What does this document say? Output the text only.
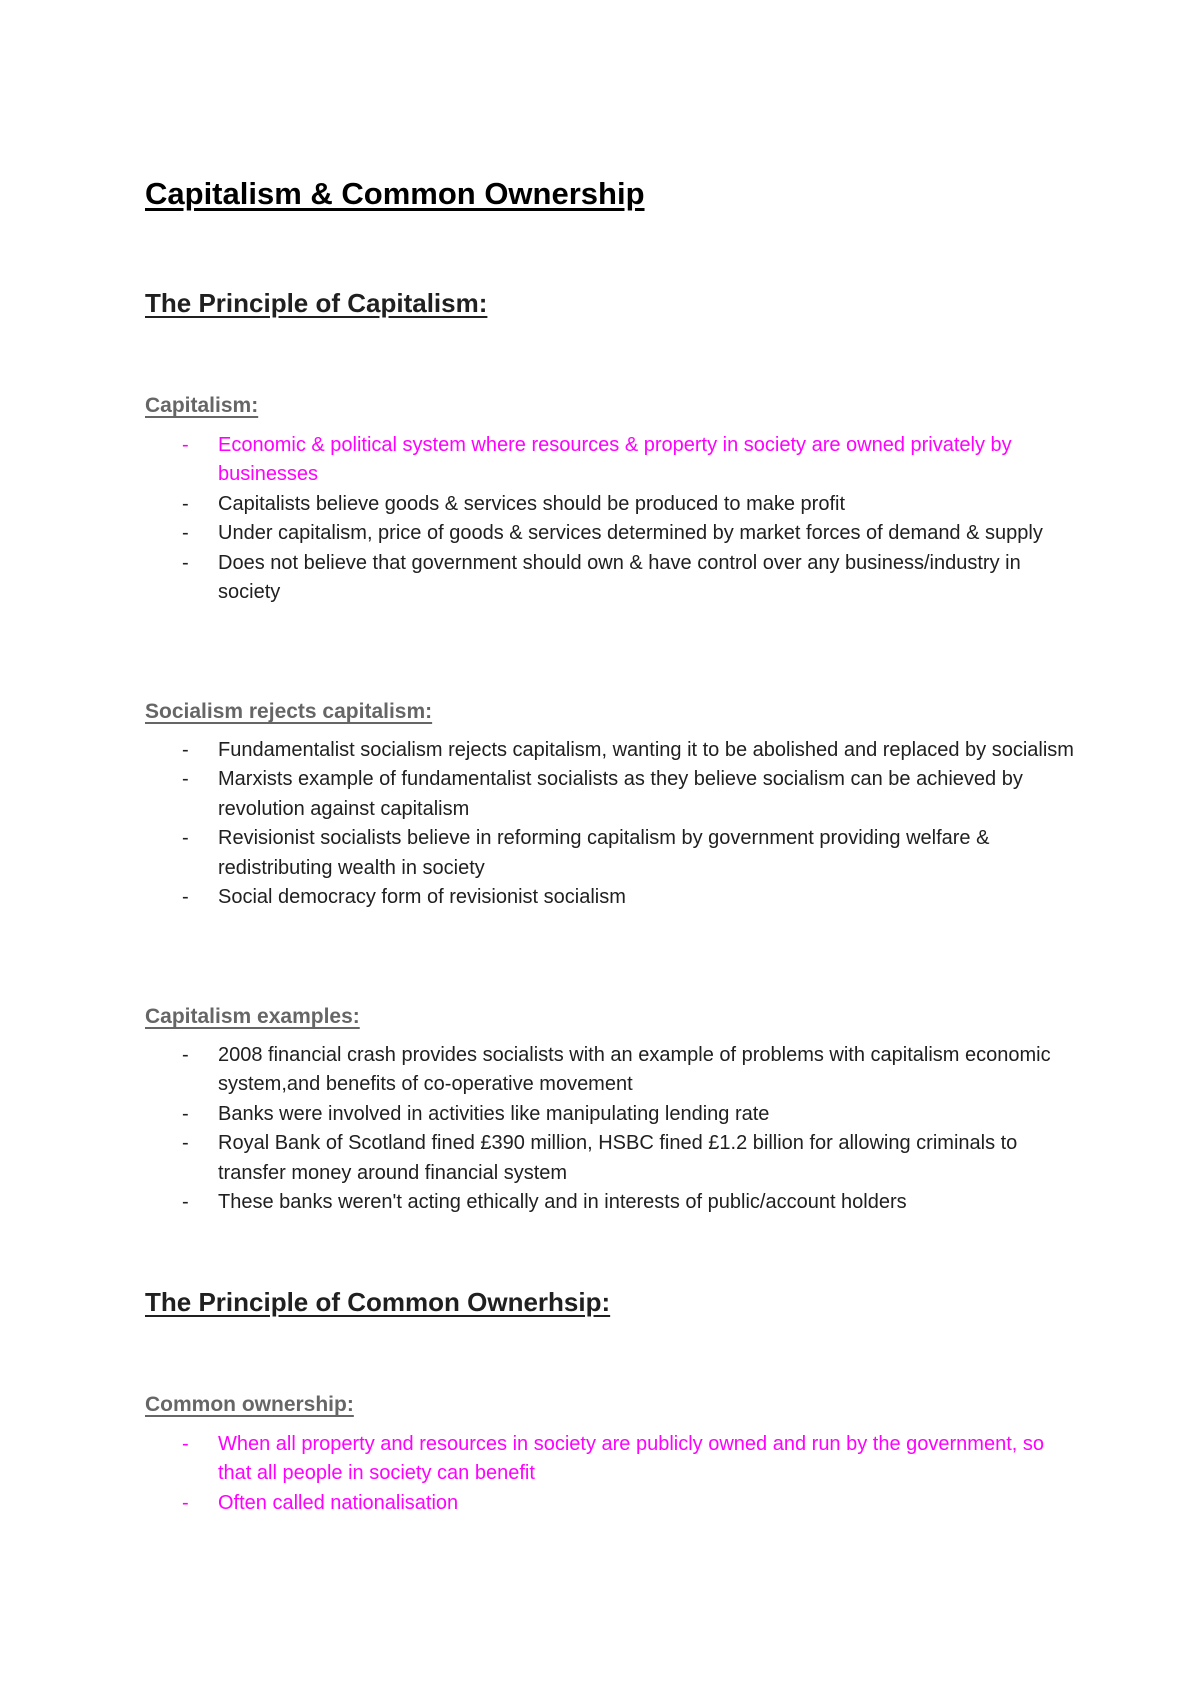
Capitalism & Common Ownership
The Principle of Capitalism:
Capitalism:
- Economic & political system where resources & property in society are owned privately by businesses
- Capitalists believe goods & services should be produced to make profit
- Under capitalism, price of goods & services determined by market forces of demand & supply
- Does not believe that government should own & have control over any business/industry in society
Socialism rejects capitalism:
- Fundamentalist socialism rejects capitalism, wanting it to be abolished and replaced by socialism
- Marxists example of fundamentalist socialists as they believe socialism can be achieved by revolution against capitalism
- Revisionist socialists believe in reforming capitalism by government providing welfare & redistributing wealth in society
- Social democracy form of revisionist socialism
Capitalism examples:
- 2008 financial crash provides socialists with an example of problems with capitalism economic system,and benefits of co-operative movement
- Banks were involved in activities like manipulating lending rate
- Royal Bank of Scotland fined £390 million, HSBC fined £1.2 billion for allowing criminals to transfer money around financial system
- These banks weren't acting ethically and in interests of public/account holders
The Principle of Common Ownerhsip:
Common ownership:
- When all property and resources in society are publicly owned and run by the government, so that all people in society can benefit
- Often called nationalisation
